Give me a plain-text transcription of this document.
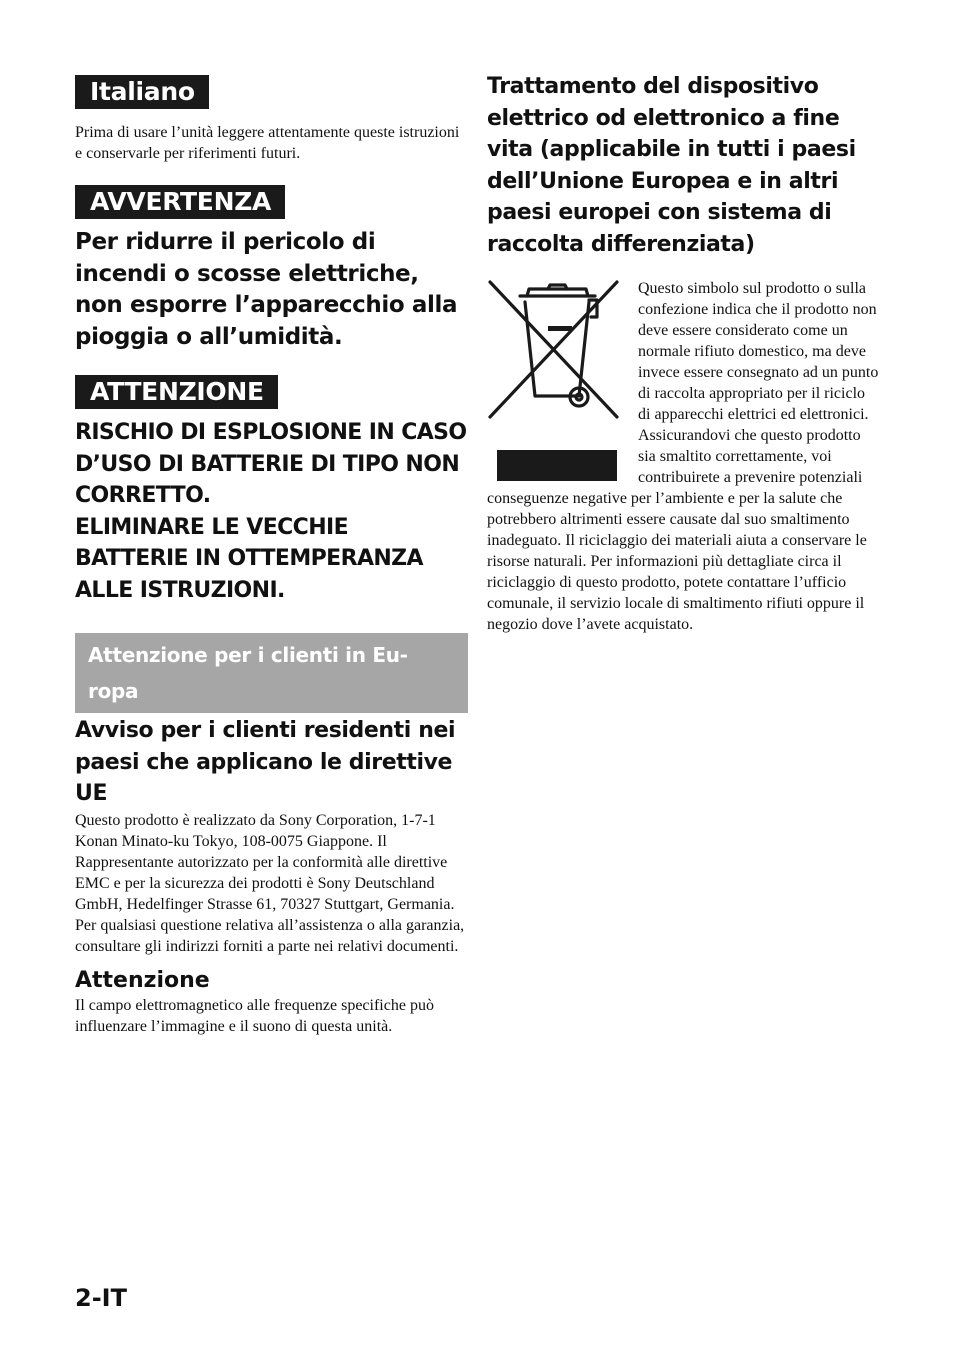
Italiano

Prima di usare l’unità leggere attentamente queste istruzioni e conservarle per riferimenti futuri.

AVVERTENZA

Per ridurre il pericolo di incendi o scosse elettriche, non esporre l’apparecchio alla pioggia o all’umidità.

ATTENZIONE

RISCHIO DI ESPLOSIONE IN CASO D’USO DI BATTERIE DI TIPO NON CORRETTO.

ELIMINARE LE VECCHIE BATTERIE IN OTTEMPERANZA ALLE ISTRUZIONI.

Attenzione per i clienti in Eu-ropa

Avviso per i clienti residenti nei paesi che applicano le direttive UE

Questo prodotto è realizzato da Sony Corporation, 1-7-1 Konan Minato-ku Tokyo, 108-0075 Giappone. Il Rappresentante autorizzato per la conformità alle direttive EMC e per la sicurezza dei prodotti è Sony Deutschland GmbH, Hedelfinger Strasse 61, 70327 Stuttgart, Germania. Per qualsiasi questione relativa all’assistenza o alla garanzia, consultare gli indirizzi forniti a parte nei relativi documenti.

Attenzione

Il campo elettromagnetico alle frequenze specifiche può influenzare l’immagine e il suono di questa unità.

Trattamento del dispositivo elettrico od elettronico a fine vita (applicabile in tutti i paesi dell’Unione Europea e in altri paesi europei con sistema di raccolta differenziata)

Questo simbolo sul prodotto o sulla confezione indica che il prodotto non deve essere considerato come un normale rifiuto domestico, ma deve invece essere consegnato ad un punto di raccolta appropriato per il riciclo di apparecchi elettrici ed elettronici. Assicurandovi che questo prodotto sia smaltito correttamente, voi contribuirete a prevenire potenziali conseguenze negative per l’ambiente e per la salute che potrebbero altrimenti essere causate dal suo smaltimento inadeguato. Il riciclaggio dei materiali aiuta a conservare le risorse naturali. Per informazioni più dettagliate circa il riciclaggio di questo prodotto, potete contattare l’ufficio comunale, il servizio locale di smaltimento rifiuti oppure il negozio dove l’avete acquistato.

2-IT
